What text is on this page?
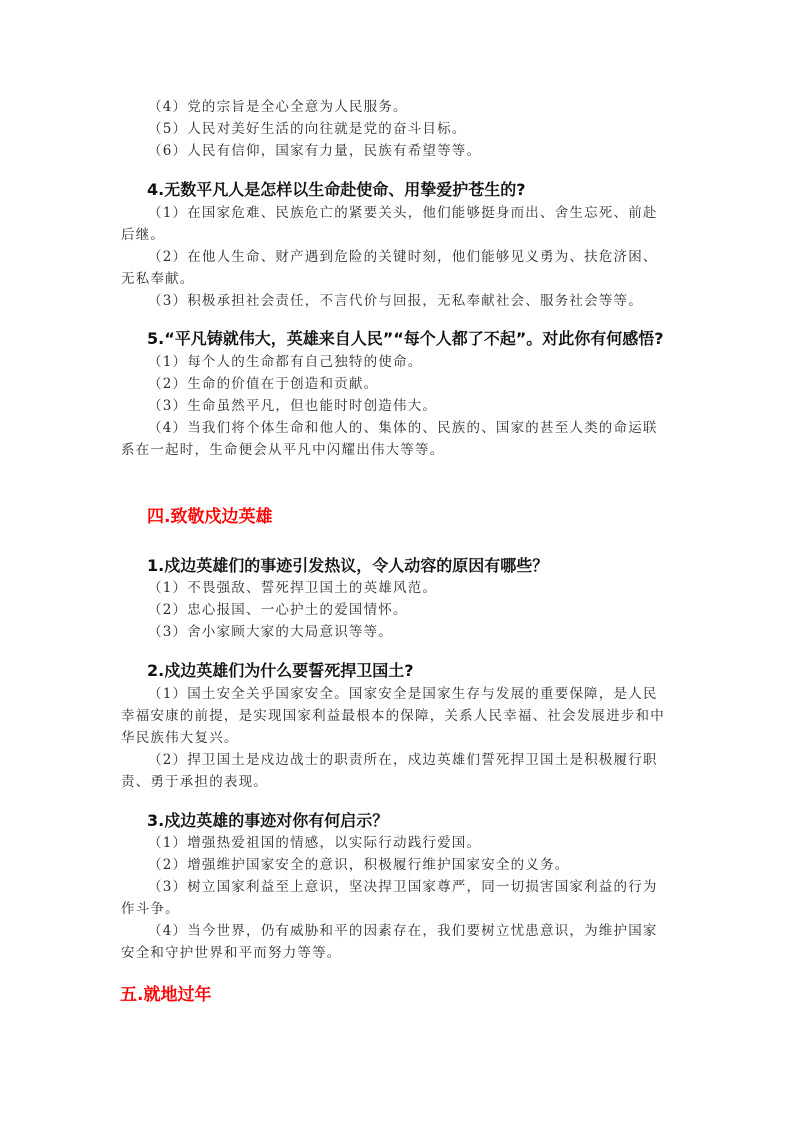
（4）党的宗旨是全心全意为人民服务。
（5）人民对美好生活的向往就是党的奋斗目标。
（6）人民有信仰，国家有力量，民族有希望等等。
4.无数平凡人是怎样以生命赴使命、用挚爱护苍生的?
（1）在国家危难、民族危亡的紧要关头，他们能够挺身而出、舍生忘死、前赴
后继。
（2）在他人生命、财产遇到危险的关键时刻，他们能够见义勇为、扶危济困、
无私奉献。
（3）积极承担社会责任，不言代价与回报，无私奉献社会、服务社会等等。
5.“平凡铸就伟大，英雄来自人民”“每个人都了不起”。对此你有何感悟?
（1）每个人的生命都有自己独特的使命。
（2）生命的价值在于创造和贡献。
（3）生命虽然平凡，但也能时时创造伟大。
（4）当我们将个体生命和他人的、集体的、民族的、国家的甚至人类的命运联
系在一起时，生命便会从平凡中闪耀出伟大等等。
四.致敬戍边英雄
1.戍边英雄们的事迹引发热议，令人动容的原因有哪些？
（1）不畏强敌、誓死捍卫国土的英雄风范。
（2）忠心报国、一心护土的爱国情怀。
（3）舍小家顾大家的大局意识等等。
2.戍边英雄们为什么要誓死捍卫国土?
（1）国土安全关乎国家安全。国家安全是国家生存与发展的重要保障，是人民
幸福安康的前提，是实现国家利益最根本的保障，关系人民幸福、社会发展进步和中
华民族伟大复兴。
（2）捍卫国土是戍边战士的职责所在，戍边英雄们誓死捍卫国土是积极履行职
责、勇于承担的表现。
3.戍边英雄的事迹对你有何启示？
（1）增强热爱祖国的情感，以实际行动践行爱国。
（2）增强维护国家安全的意识，积极履行维护国家安全的义务。
（3）树立国家利益至上意识，坚决捍卫国家尊严，同一切损害国家利益的行为
作斗争。
（4）当今世界，仍有威胁和平的因素存在，我们要树立忧患意识，为维护国家
安全和守护世界和平而努力等等。
五.就地过年
